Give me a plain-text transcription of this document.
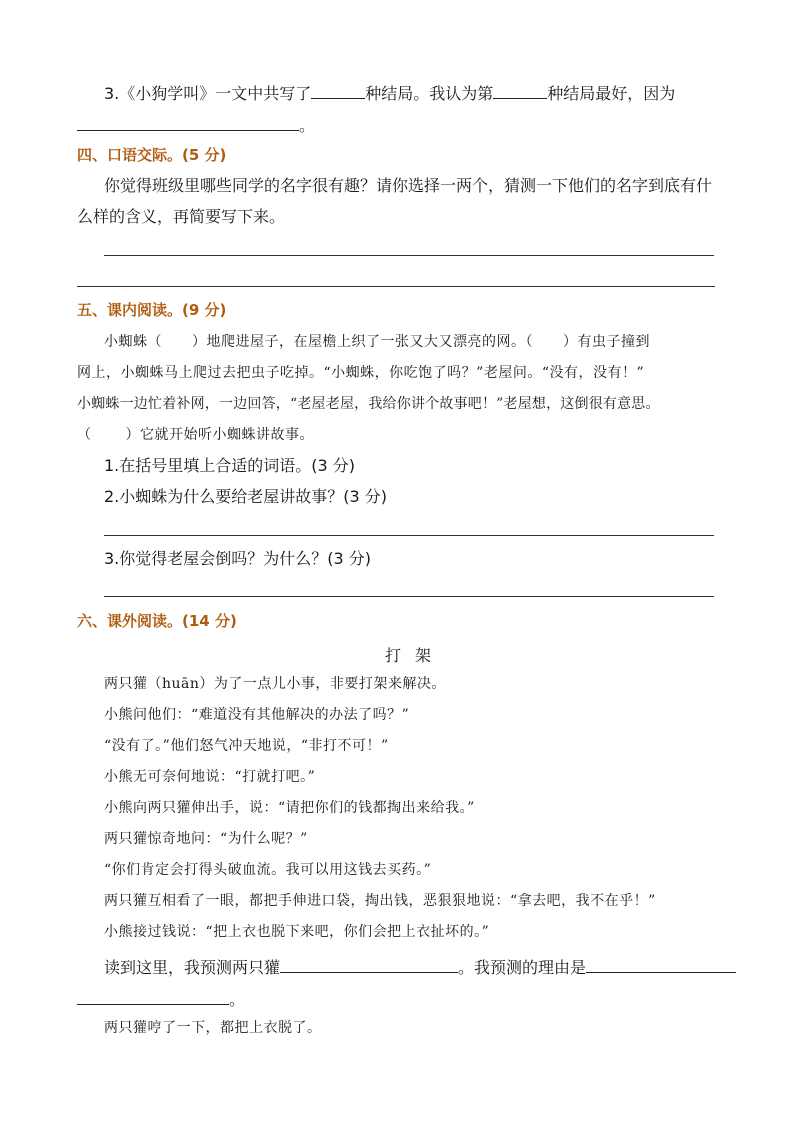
3.《小狗学叫》一文中共写了	种结局。我认为第	种结局最好，因为
。
四、口语交际。(5 分)
你觉得班级里哪些同学的名字很有趣？请你选择一两个，猜测一下他们的名字到底有什
么样的含义，再简要写下来。
五、课内阅读。(9 分)
小蜘蛛（ ）地爬进屋子，在屋檐上织了一张又大又漂亮的网。（ ）有虫子撞到
网上，小蜘蛛马上爬过去把虫子吃掉。“小蜘蛛，你吃饱了吗？”老屋问。“没有，没有！”
小蜘蛛一边忙着补网，一边回答，“老屋老屋，我给你讲个故事吧！”老屋想，这倒很有意思。
（ ）它就开始听小蜘蛛讲故事。
1.在括号里填上合适的词语。(3 分)
2.小蜘蛛为什么要给老屋讲故事？(3 分)
3.你觉得老屋会倒吗？为什么？(3 分)
六、课外阅读。(14 分)
打架
两只獾（huān）为了一点儿小事，非要打架来解决。
小熊问他们：“难道没有其他解决的办法了吗？”
“没有了。”他们怒气冲天地说，“非打不可！”
小熊无可奈何地说：“打就打吧。”
小熊向两只獾伸出手，说：“请把你们的钱都掏出来给我。”
两只獾惊奇地问：“为什么呢？”
“你们肯定会打得头破血流。我可以用这钱去买药。”
两只獾互相看了一眼，都把手伸进口袋，掏出钱，恶狠狠地说：“拿去吧，我不在乎！”
小熊接过钱说：“把上衣也脱下来吧，你们会把上衣扯坏的。”
读到这里，我预测两只獾	。我预测的理由是
。
两只獾哼了一下，都把上衣脱了。
